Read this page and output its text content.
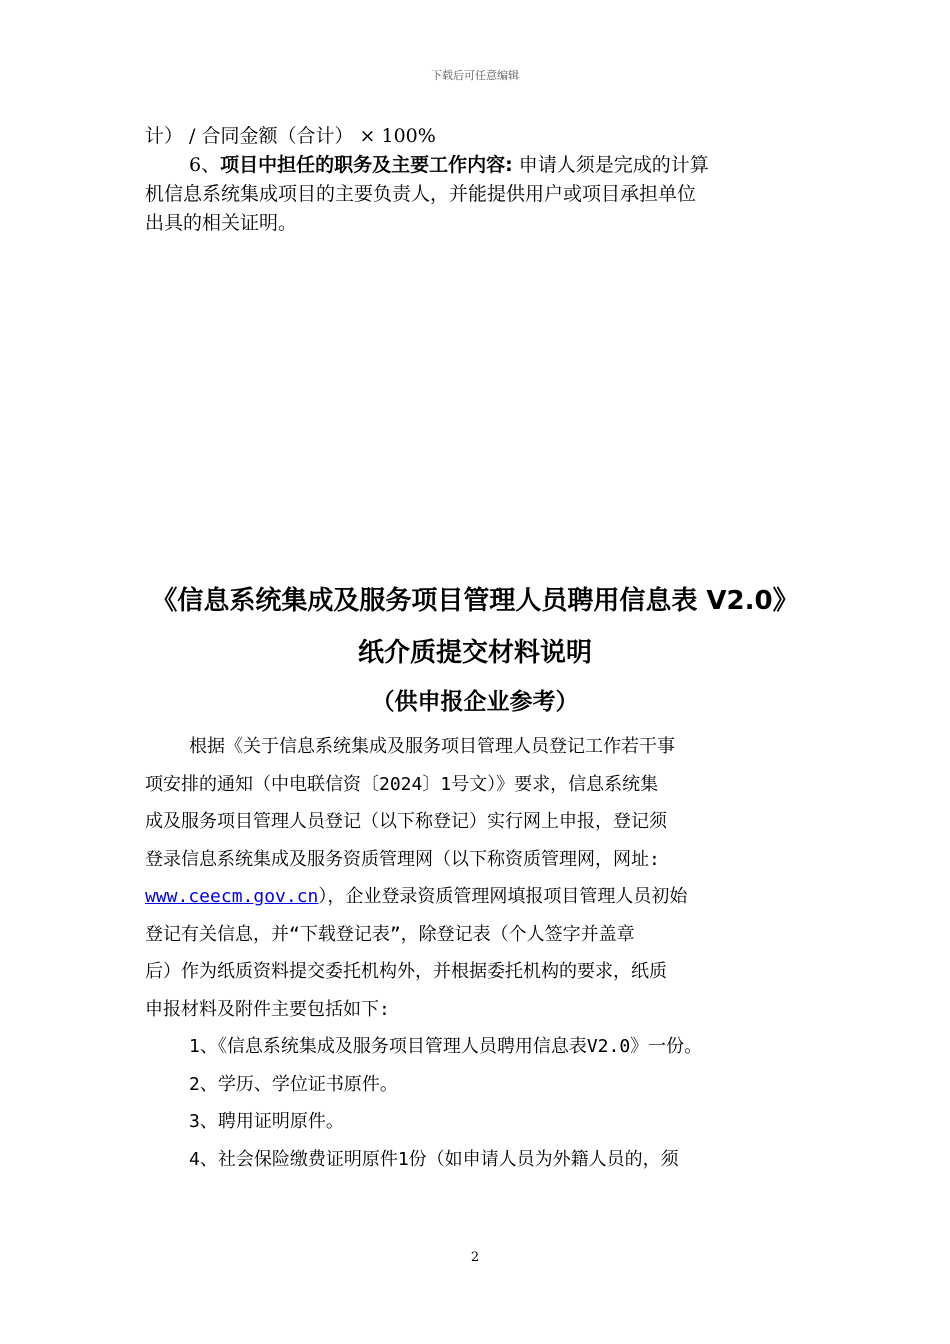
下载后可任意编辑

计） / 合同金额（合计） × 100%

6、项目中担任的职务及主要工作内容: 申请人须是完成的计算

机信息系统集成项目的主要负责人，并能提供用户或项目承担单位

出具的相关证明。

《信息系统集成及服务项目管理人员聘用信息表 V2.0》
纸介质提交材料说明
（供申报企业参考）
根据《关于信息系统集成及服务项目管理人员登记工作若干事
项安排的通知（中电联信资〔2024〕1号文）》要求，信息系统集
成及服务项目管理人员登记（以下称登记）实行网上申报，登记须
登录信息系统集成及服务资质管理网（以下称资质管理网，网址:
www.ceecm.gov.cn），企业登录资质管理网填报项目管理人员初始
登记有关信息，并“下载登记表”，除登记表（个人签字并盖章
后）作为纸质资料提交委托机构外，并根据委托机构的要求，纸质
申报材料及附件主要包括如下:
1、《信息系统集成及服务项目管理人员聘用信息表V2.0》一份。
2、学历、学位证书原件。
3、聘用证明原件。
4、社会保险缴费证明原件1份（如申请人员为外籍人员的，须
2
